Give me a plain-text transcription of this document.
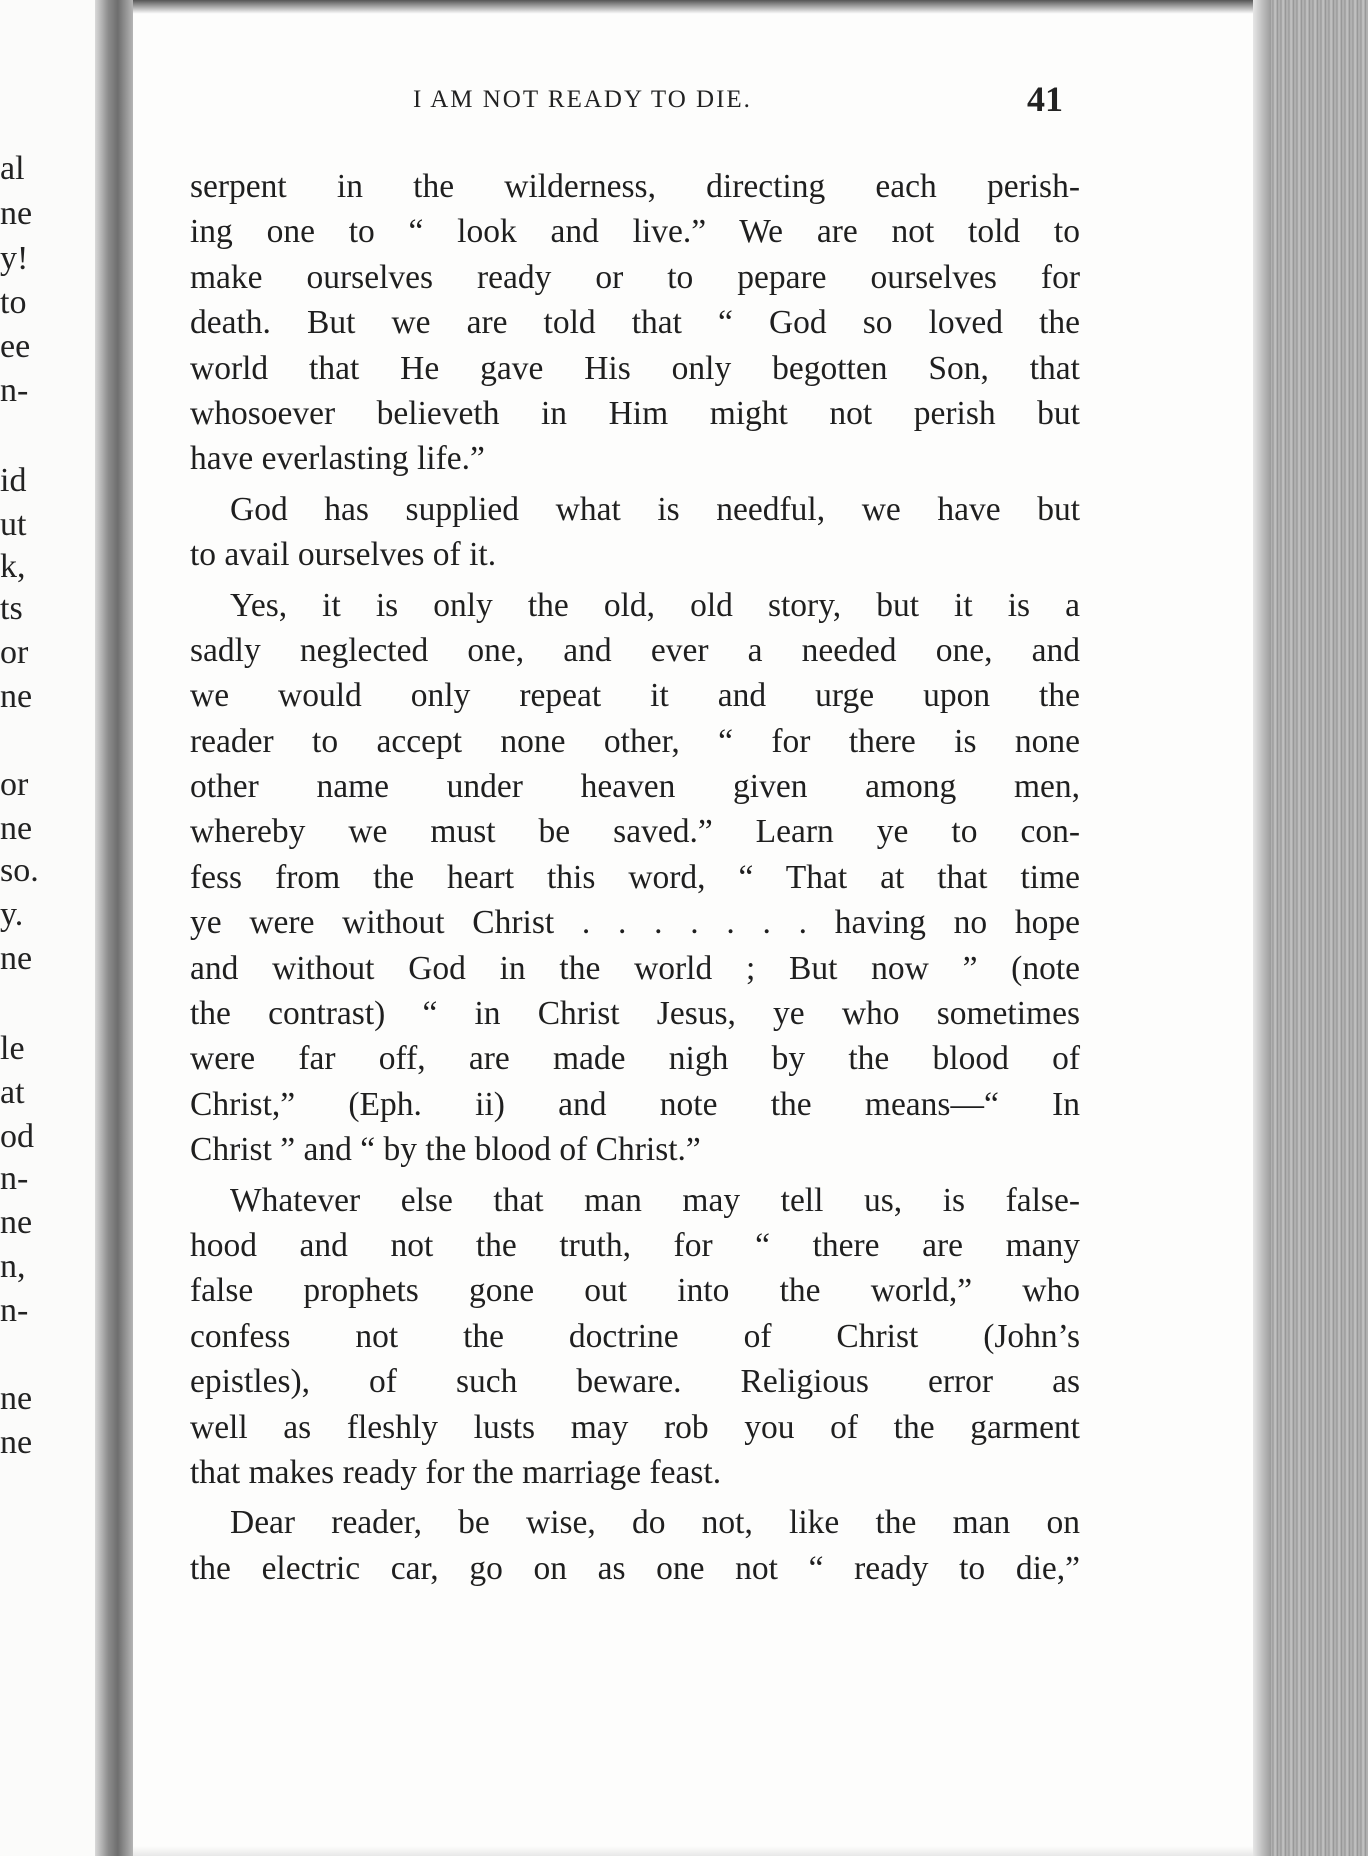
al
ne
y!
to
ee
n-
id
ut
k,
ts
or
ne
or
ne
so.
y.
ne
le
at
od
n-
ne
n,
n-
ne
ne
I AM NOT READY TO DIE.	41
serpent in the wilderness, directing each perish-
ing one to “ look and live.” We are not told to
make ourselves ready or to pepare ourselves for
death. But we are told that “ God so loved the
world that He gave His only begotten Son, that
whosoever believeth in Him might not perish but
have everlasting life.”
God has supplied what is needful, we have but
to avail ourselves of it.
Yes, it is only the old, old story, but it is a
sadly neglected one, and ever a needed one, and
we would only repeat it and urge upon the
reader to accept none other, “ for there is none
other name under heaven given among men,
whereby we must be saved.” Learn ye to con-
fess from the heart this word, “ That at that time
ye were without Christ . . . . . . . having no hope
and without God in the world ; But now ” (note
the contrast) “ in Christ Jesus, ye who sometimes
were far off, are made nigh by the blood of
Christ,” (Eph. ii) and note the means—“ In
Christ ” and “ by the blood of Christ.”
Whatever else that man may tell us, is false-
hood and not the truth, for “ there are many
false prophets gone out into the world,” who
confess not the doctrine of Christ (John’s
epistles), of such beware. Religious error as
well as fleshly lusts may rob you of the garment
that makes ready for the marriage feast.
Dear reader, be wise, do not, like the man on
the electric car, go on as one not “ ready to die,”
